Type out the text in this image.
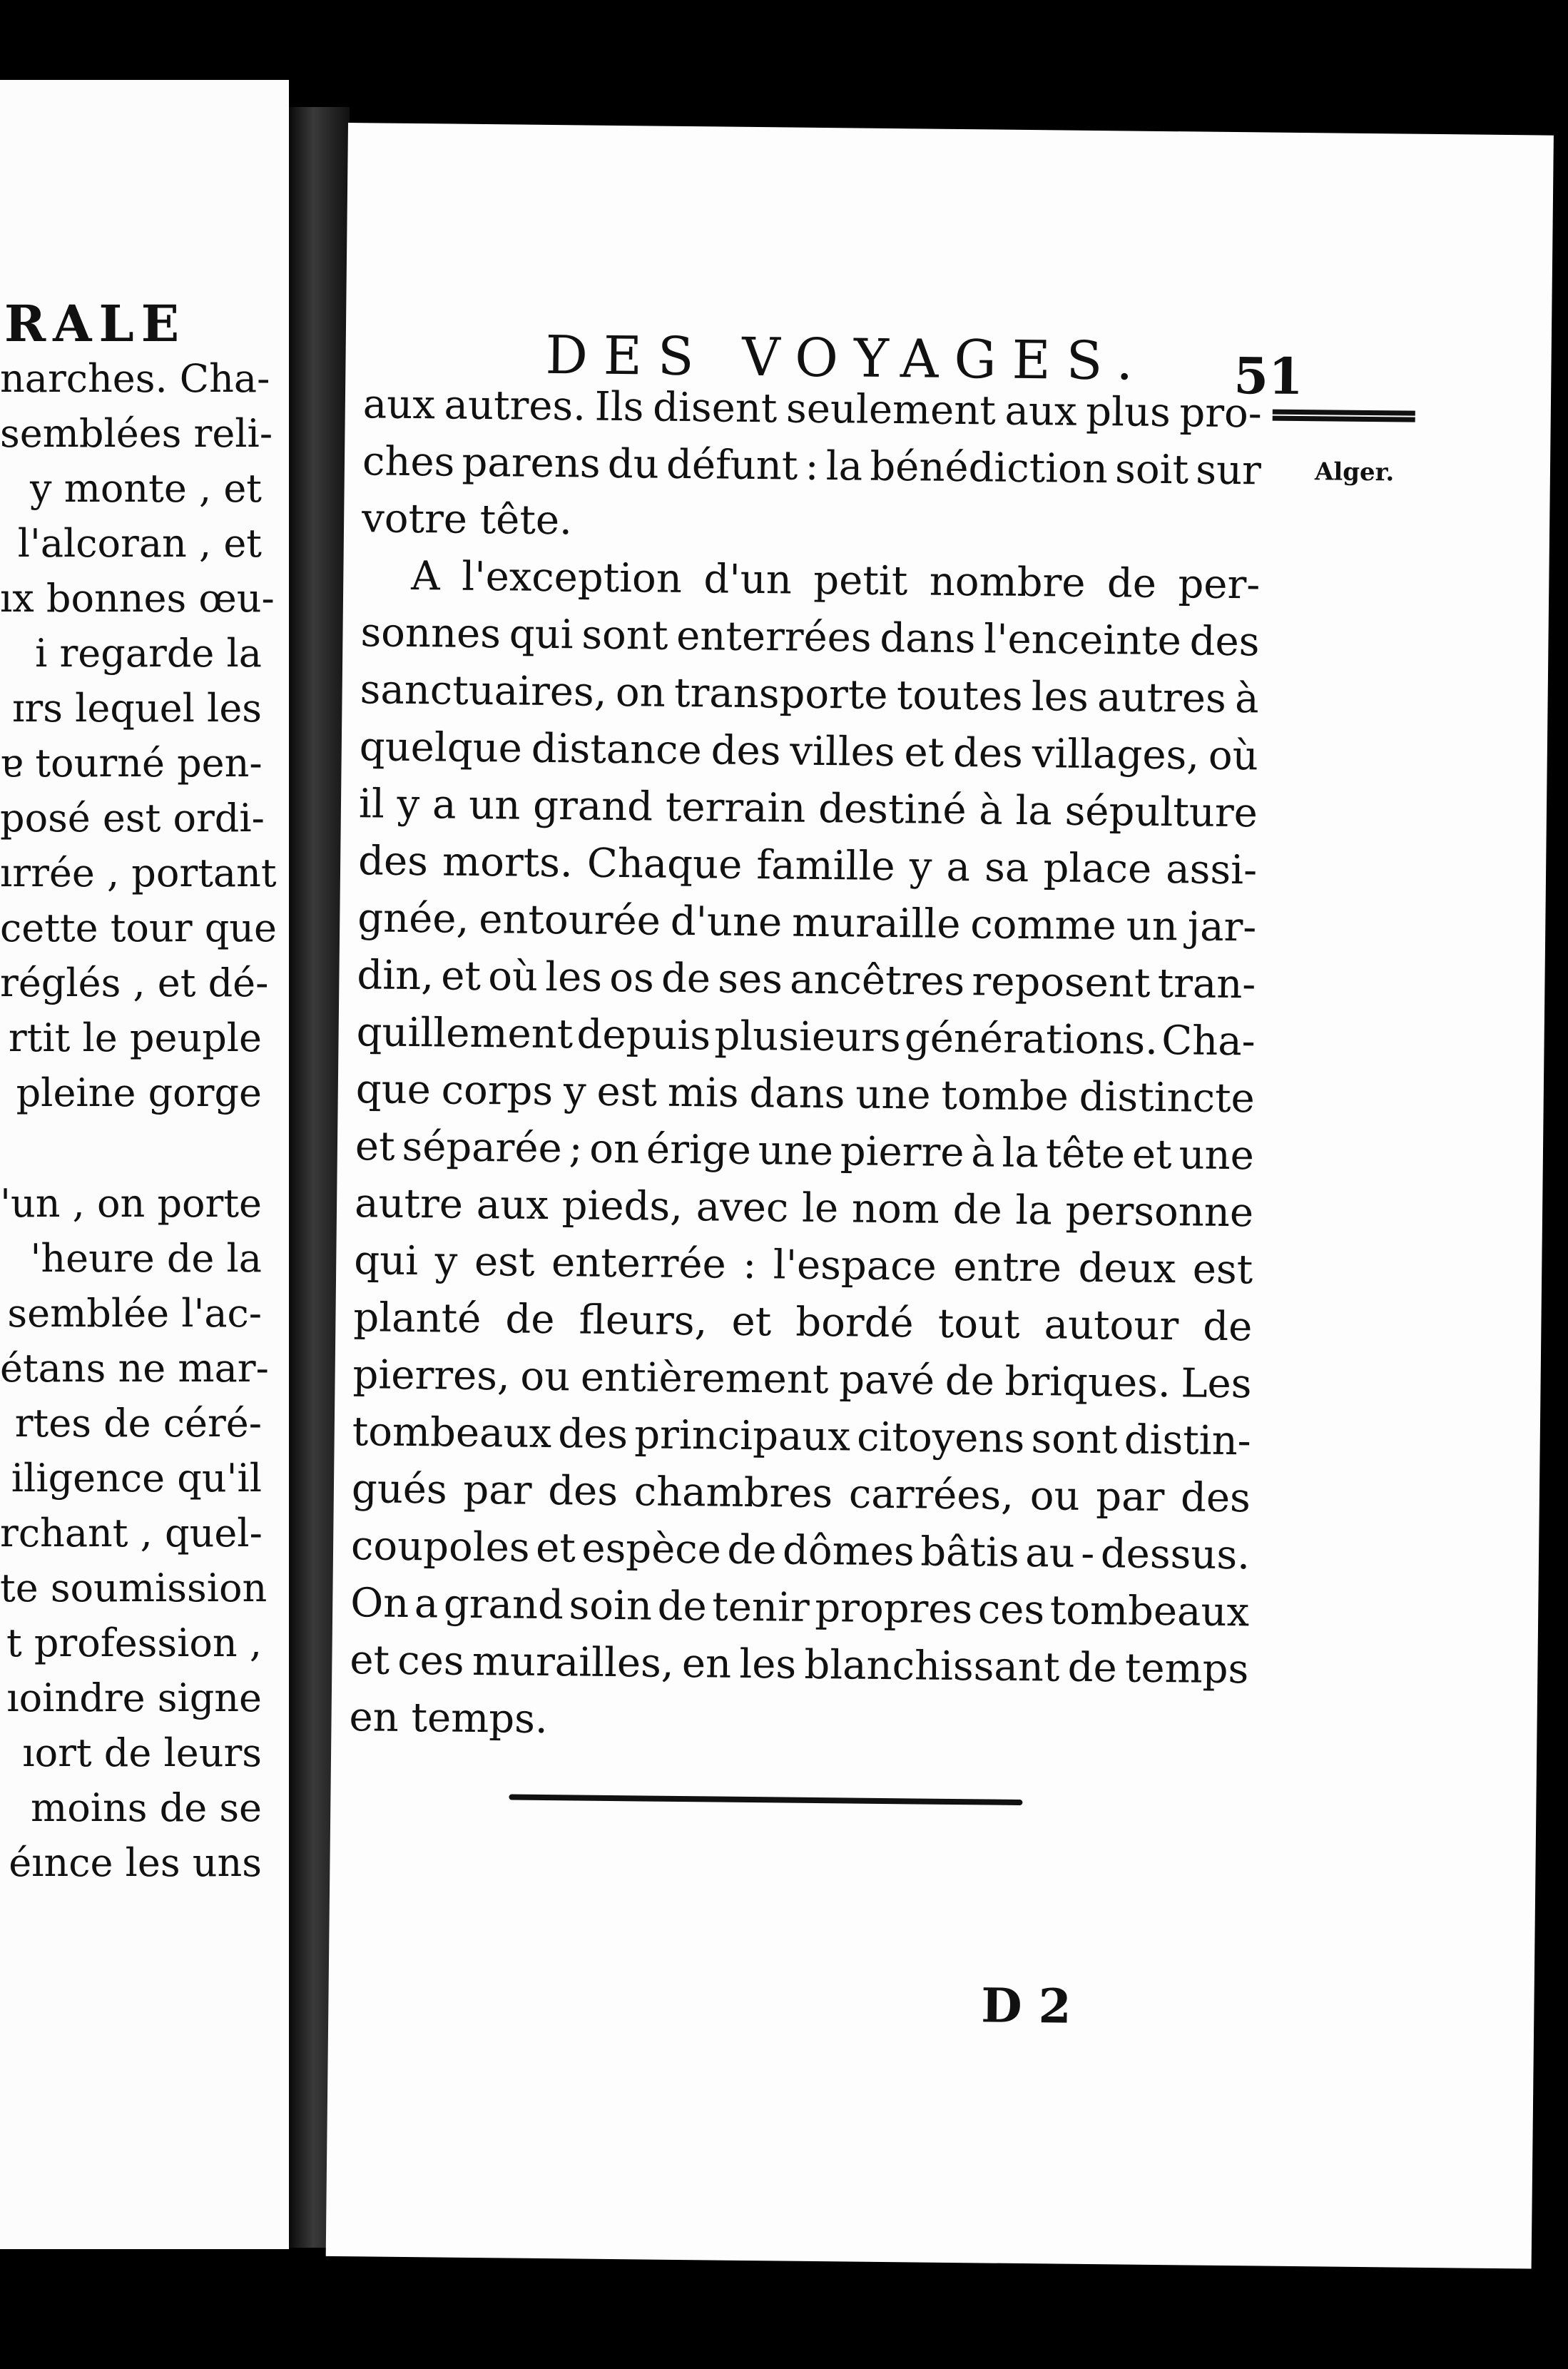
RALE
narches. Cha-
semblées reli-
y monte , et
l'alcoran , et
ıx bonnes œu-
i regarde la
ɪrs lequel les
ɐ tourné pen-
posé est ordi-
ırrée , portant
cette tour que
réglés , et dé-
rtit le peuple
pleine gorge
'un , on porte
'heure de la
semblée l'ac-
étans ne mar-
rtes de céré-
iligence qu'il
rchant , quel-
te soumission
t profession ,
ıoindre signe
ıort de leurs
moins de se
éınce les uns
DES VOYAGES.	51
Alger.
aux autres. Ils disent seulement aux plus pro-
ches parens du défunt : la bénédiction soit sur
votre tête.
A l'exception d'un petit nombre de per-
sonnes qui sont enterrées dans l'enceinte des
sanctuaires, on transporte toutes les autres à
quelque distance des villes et des villages, où
il y a un grand terrain destiné à la sépulture
des morts. Chaque famille y a sa place assi-
gnée, entourée d'une muraille comme un jar-
din, et où les os de ses ancêtres reposent tran-
quillement depuis plusieurs générations. Cha-
que corps y est mis dans une tombe distincte
et séparée ; on érige une pierre à la tête et une
autre aux pieds, avec le nom de la personne
qui y est enterrée : l'espace entre deux est
planté de fleurs, et bordé tout autour de
pierres, ou entièrement pavé de briques. Les
tombeaux des principaux citoyens sont distin-
gués par des chambres carrées, ou par des
coupoles et espèce de dômes bâtis au - dessus.
On a grand soin de tenir propres ces tombeaux
et ces murailles, en les blanchissant de temps
en temps.
D 2
